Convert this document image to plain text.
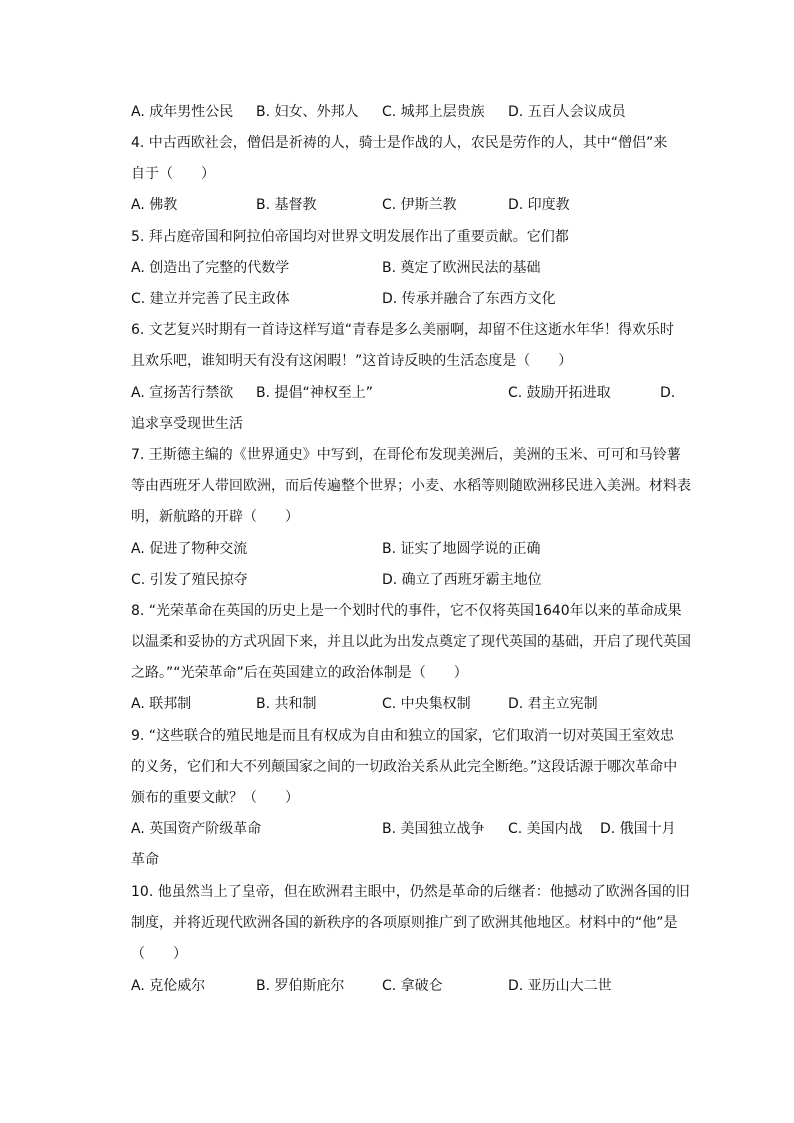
A. 成年男性公民 B. 妇女、外邦人 C. 城邦上层贵族 D. 五百人会议成员
4. 中古西欧社会，僧侣是祈祷的人，骑士是作战的人，农民是劳作的人，其中“僧侣”来
自于（　　）
A. 佛教	B. 基督教	C. 伊斯兰教	D. 印度教
5. 拜占庭帝国和阿拉伯帝国均对世界文明发展作出了重要贡献。它们都
A. 创造出了完整的代数学	B. 奠定了欧洲民法的基础
C. 建立并完善了民主政体	D. 传承并融合了东西方文化
6. 文艺复兴时期有一首诗这样写道“青春是多么美丽啊，却留不住这逝水年华！得欢乐时
且欢乐吧，谁知明天有没有这闲暇！”这首诗反映的生活态度是（　　）
A. 宣扬苦行禁欲 B. 提倡“神权至上”	C. 鼓励开拓进取	D.
追求享受现世生活
7. 王斯德主编的《世界通史》中写到，在哥伦布发现美洲后，美洲的玉米、可可和马铃薯
等由西班牙人带回欧洲，而后传遍整个世界；小麦、水稻等则随欧洲移民进入美洲。材料表
明，新航路的开辟（　　）
A. 促进了物种交流	B. 证实了地圆学说的正确
C. 引发了殖民掠夺	D. 确立了西班牙霸主地位
8. “光荣革命在英国的历史上是一个划时代的事件，它不仅将英国1640年以来的革命成果
以温柔和妥协的方式巩固下来，并且以此为出发点奠定了现代英国的基础，开启了现代英国
之路。”“光荣革命”后在英国建立的政治体制是（　　）
A. 联邦制	B. 共和制	C. 中央集权制	D. 君主立宪制
9. “这些联合的殖民地是而且有权成为自由和独立的国家，它们取消一切对英国王室效忠
的义务，它们和大不列颠国家之间的一切政治关系从此完全断绝。”这段话源于哪次革命中
颁布的重要文献？（　　）
A. 英国资产阶级革命	B. 美国独立战争 C. 美国内战 D. 俄国十月
革命
10. 他虽然当上了皇帝，但在欧洲君主眼中，仍然是革命的后继者：他撼动了欧洲各国的旧
制度，并将近现代欧洲各国的新秩序的各项原则推广到了欧洲其他地区。材料中的“他”是
（　　）
A. 克伦威尔	B. 罗伯斯庇尔	C. 拿破仑	D. 亚历山大二世
